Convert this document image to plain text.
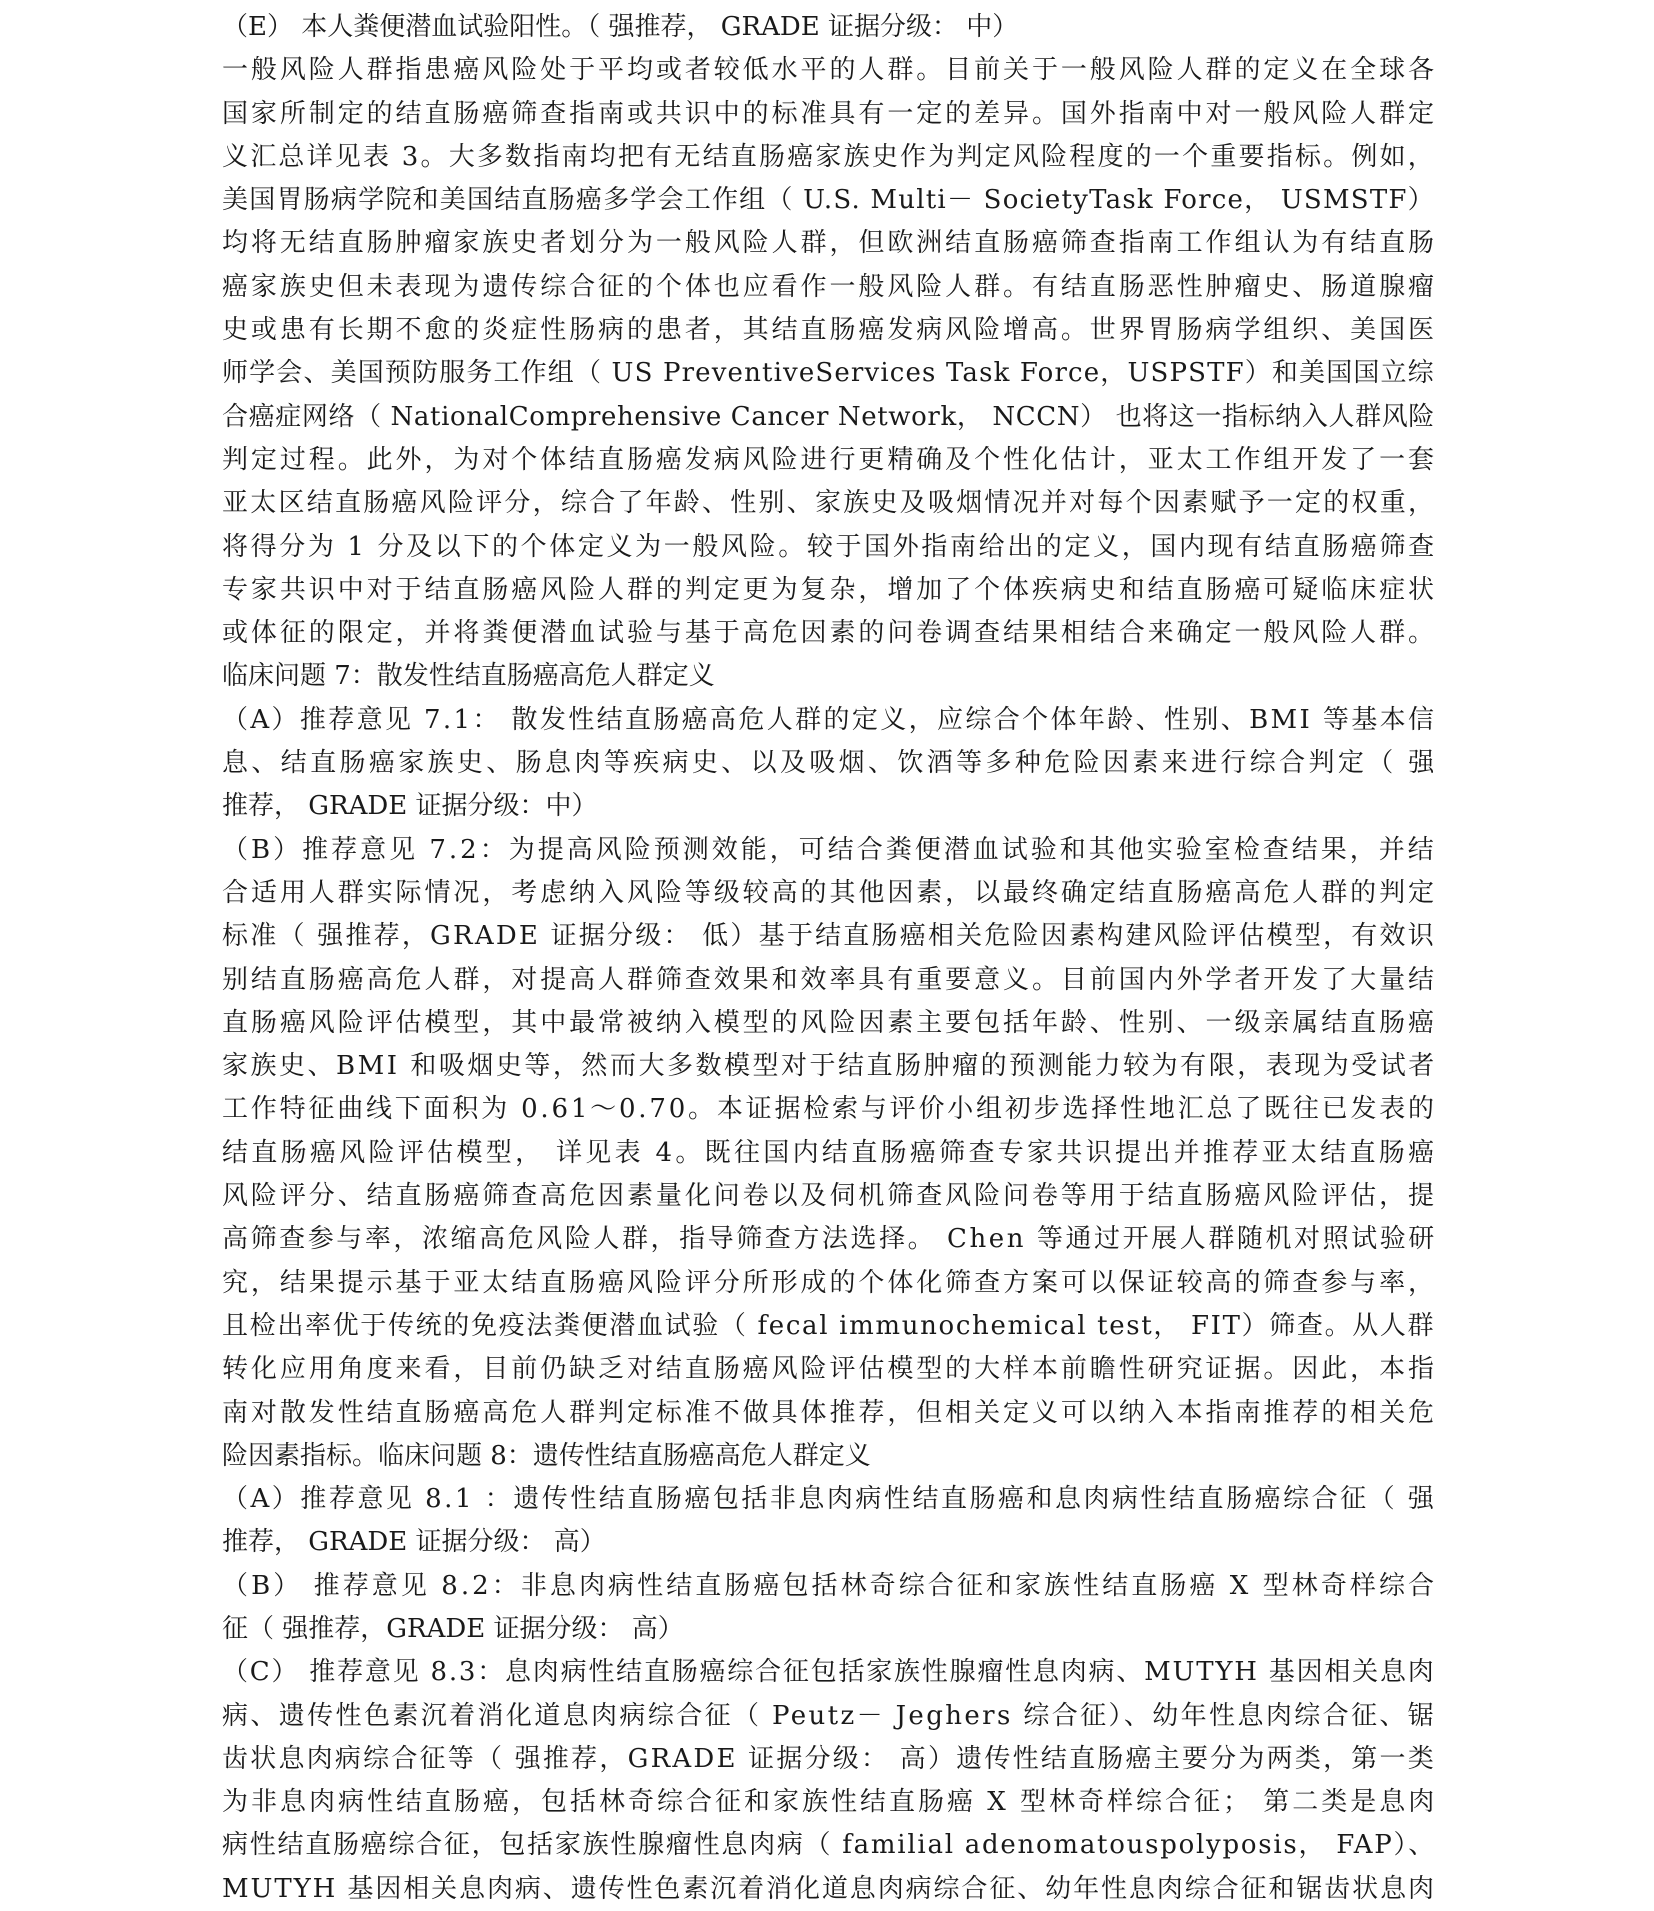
（E） 本人粪便潜血试验阳性。（ 强推荐， GRADE 证据分级： 中）
一般风险人群指患癌风险处于平均或者较低水平的人群。目前关于一般风险人群的定义在全球各
国家所制定的结直肠癌筛查指南或共识中的标准具有一定的差异。国外指南中对一般风险人群定
义汇总详见表 3。大多数指南均把有无结直肠癌家族史作为判定风险程度的一个重要指标。例如，
美国胃肠病学院和美国结直肠癌多学会工作组（ U.S. Multi－ SocietyTask Force， USMSTF）
均将无结直肠肿瘤家族史者划分为一般风险人群，但欧洲结直肠癌筛查指南工作组认为有结直肠
癌家族史但未表现为遗传综合征的个体也应看作一般风险人群。有结直肠恶性肿瘤史、肠道腺瘤
史或患有长期不愈的炎症性肠病的患者，其结直肠癌发病风险增高。世界胃肠病学组织、美国医
师学会、美国预防服务工作组（ US PreventiveServices Task Force，USPSTF）和美国国立综
合癌症网络（ NationalComprehensive Cancer Network， NCCN） 也将这一指标纳入人群风险
判定过程。此外，为对个体结直肠癌发病风险进行更精确及个性化估计，亚太工作组开发了一套
亚太区结直肠癌风险评分，综合了年龄、性别、家族史及吸烟情况并对每个因素赋予一定的权重，
将得分为 1 分及以下的个体定义为一般风险。较于国外指南给出的定义，国内现有结直肠癌筛查
专家共识中对于结直肠癌风险人群的判定更为复杂，增加了个体疾病史和结直肠癌可疑临床症状
或体征的限定，并将粪便潜血试验与基于高危因素的问卷调查结果相结合来确定一般风险人群。
临床问题 7：散发性结直肠癌高危人群定义
（A）推荐意见 7.1： 散发性结直肠癌高危人群的定义，应综合个体年龄、性别、BMI 等基本信
息、结直肠癌家族史、肠息肉等疾病史、以及吸烟、饮酒等多种危险因素来进行综合判定（ 强
推荐， GRADE 证据分级：中）
（B）推荐意见 7.2：为提高风险预测效能，可结合粪便潜血试验和其他实验室检查结果，并结
合适用人群实际情况，考虑纳入风险等级较高的其他因素，以最终确定结直肠癌高危人群的判定
标准（ 强推荐，GRADE 证据分级： 低）基于结直肠癌相关危险因素构建风险评估模型，有效识
别结直肠癌高危人群，对提高人群筛查效果和效率具有重要意义。目前国内外学者开发了大量结
直肠癌风险评估模型，其中最常被纳入模型的风险因素主要包括年龄、性别、一级亲属结直肠癌
家族史、BMI 和吸烟史等，然而大多数模型对于结直肠肿瘤的预测能力较为有限，表现为受试者
工作特征曲线下面积为 0.61～0.70。本证据检索与评价小组初步选择性地汇总了既往已发表的
结直肠癌风险评估模型， 详见表 4。既往国内结直肠癌筛查专家共识提出并推荐亚太结直肠癌
风险评分、结直肠癌筛查高危因素量化问卷以及伺机筛查风险问卷等用于结直肠癌风险评估，提
高筛查参与率，浓缩高危风险人群，指导筛查方法选择。 Chen 等通过开展人群随机对照试验研
究，结果提示基于亚太结直肠癌风险评分所形成的个体化筛查方案可以保证较高的筛查参与率，
且检出率优于传统的免疫法粪便潜血试验（ fecal immunochemical test， FIT）筛查。从人群
转化应用角度来看，目前仍缺乏对结直肠癌风险评估模型的大样本前瞻性研究证据。因此，本指
南对散发性结直肠癌高危人群判定标准不做具体推荐，但相关定义可以纳入本指南推荐的相关危
险因素指标。临床问题 8：遗传性结直肠癌高危人群定义
（A）推荐意见 8.1 ：遗传性结直肠癌包括非息肉病性结直肠癌和息肉病性结直肠癌综合征（ 强
推荐， GRADE 证据分级： 高）
（B） 推荐意见 8.2：非息肉病性结直肠癌包括林奇综合征和家族性结直肠癌 X 型林奇样综合
征（ 强推荐，GRADE 证据分级： 高）
（C） 推荐意见 8.3：息肉病性结直肠癌综合征包括家族性腺瘤性息肉病、MUTYH 基因相关息肉
病、遗传性色素沉着消化道息肉病综合征（ Peutz－ Jeghers 综合征）、幼年性息肉综合征、锯
齿状息肉病综合征等（ 强推荐，GRADE 证据分级： 高）遗传性结直肠癌主要分为两类，第一类
为非息肉病性结直肠癌，包括林奇综合征和家族性结直肠癌 X 型林奇样综合征； 第二类是息肉
病性结直肠癌综合征，包括家族性腺瘤性息肉病（ familial adenomatouspolyposis， FAP）、
MUTYH 基因相关息肉病、遗传性色素沉着消化道息肉病综合征、幼年性息肉综合征和锯齿状息肉
